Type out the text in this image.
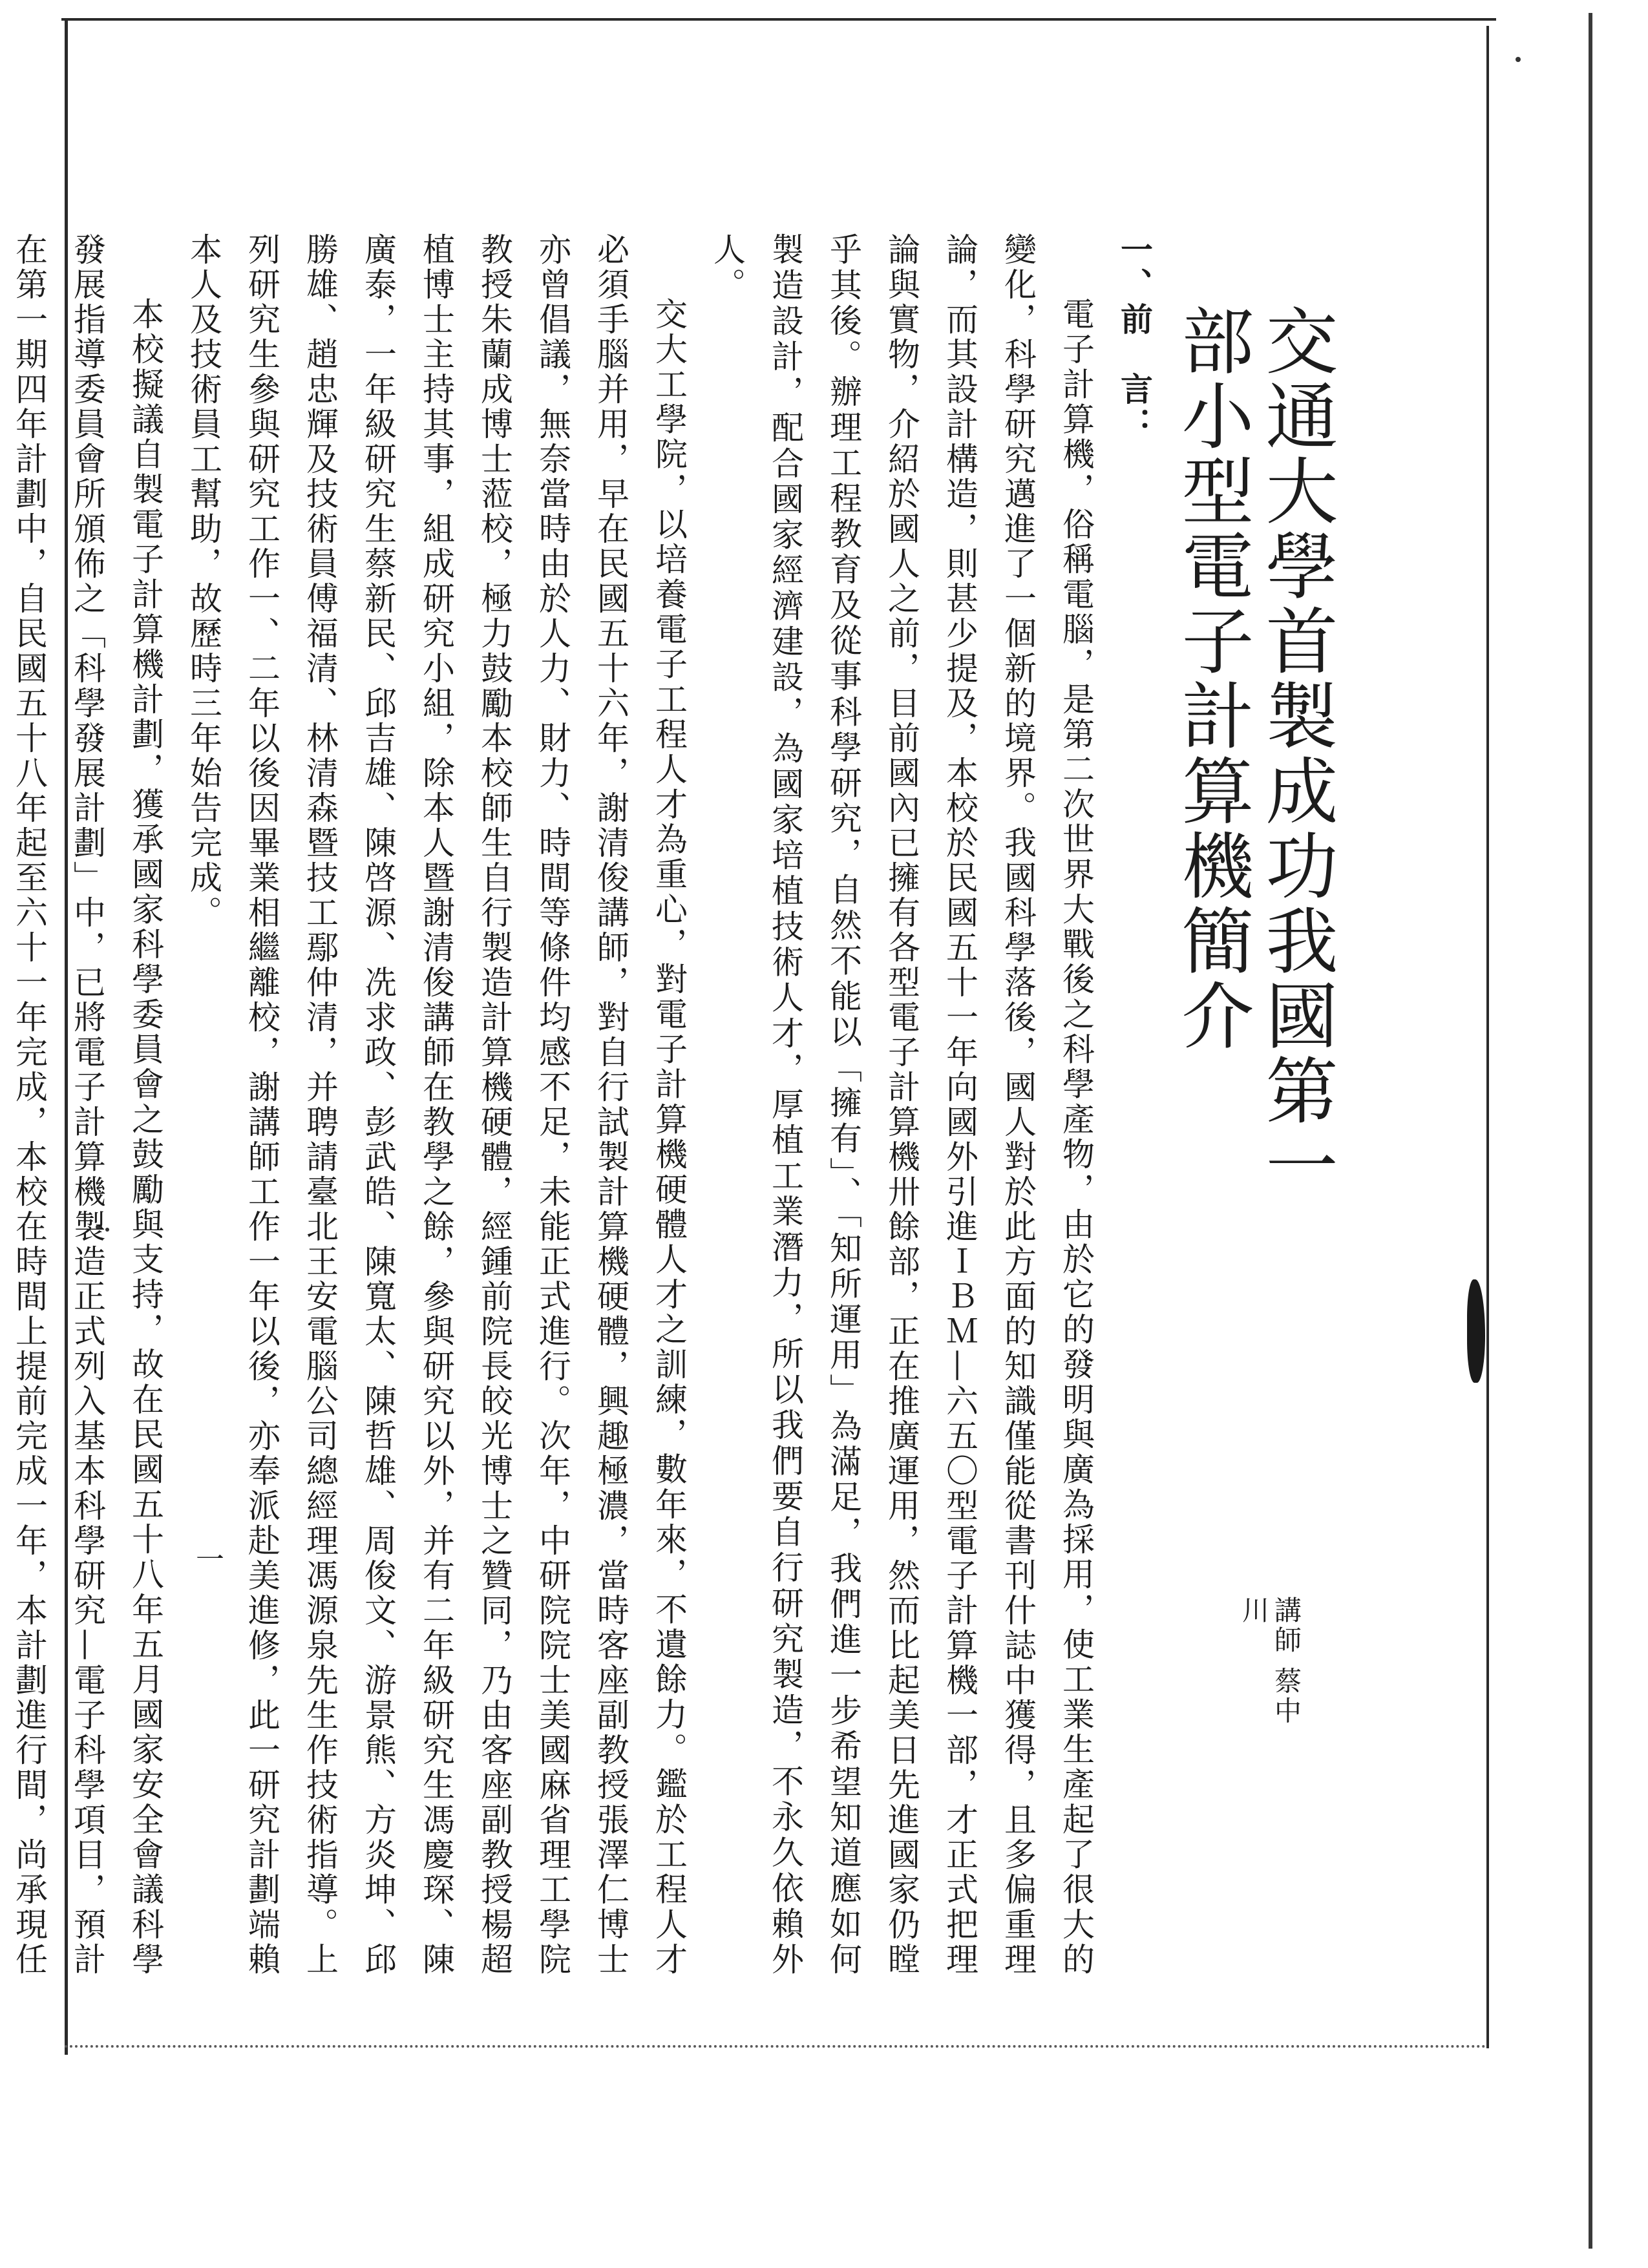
交通大學首製成功我國第一部小型電子計算機簡介
講師 蔡中川

一、前　言：

電子計算機，俗稱電腦，是第二次世界大戰後之科學產物，由於它的發明與廣為採用，使工業生產起了很大的變化，科學研究邁進了一個新的境界。我國科學落後，國人對於此方面的知識僅能從書刊什誌中獲得，且多偏重理論，而其設計構造，則甚少提及，本校於民國五十一年向國外引進ＩＢＭ—六五〇型電子計算機一部，才正式把理論與實物，介紹於國人之前，目前國內已擁有各型電子計算機卅餘部，正在推廣運用，然而比起美日先進國家仍瞠乎其後。辦理工程教育及從事科學研究，自然不能以「擁有」、「知所運用」為滿足，我們進一步希望知道應如何製造設計，配合國家經濟建設，為國家培植技術人才，厚植工業潛力，所以我們要自行研究製造，不永久依賴外人。

交大工學院，以培養電子工程人才為重心，對電子計算機硬體人才之訓練，數年來，不遺餘力。鑑於工程人才必須手腦并用，早在民國五十六年，謝清俊講師，對自行試製計算機硬體，興趣極濃，當時客座副教授張澤仁博士亦曾倡議，無奈當時由於人力、財力、時間等條件均感不足，未能正式進行。次年，中研院院士美國麻省理工學院教授朱蘭成博士蒞校，極力鼓勵本校師生自行製造計算機硬體，經鍾前院長皎光博士之贊同，乃由客座副教授楊超植博士主持其事，組成研究小組，除本人暨謝清俊講師在教學之餘，參與研究以外，并有二年級研究生馮慶琛、陳廣泰，一年級研究生蔡新民、邱吉雄、陳啓源、冼求政、彭武皓、陳寬太、陳哲雄、周俊文、游景熊、方炎坤、邱勝雄、趙忠輝及技術員傅福清、林清森暨技工鄢仲清，并聘請臺北王安電腦公司總經理馮源泉先生作技術指導。上列研究生參與研究工作一、二年以後因畢業相繼離校，謝講師工作一年以後，亦奉派赴美進修，此一研究計劃端賴本人及技術員工幫助，故歷時三年始告完成。

本校擬議自製電子計算機計劃，獲承國家科學委員會之鼓勵與支持，故在民國五十八年五月國家安全會議科學發展指導委員會所頒佈之「科學發展計劃」中，已將電子計算機製造正式列入基本科學研究—電子科學項目，預計在第一期四年計劃中，自民國五十八年起至六十一年完成，本校在時間上提前完成一年，本計劃進行間，尚承現任

一
